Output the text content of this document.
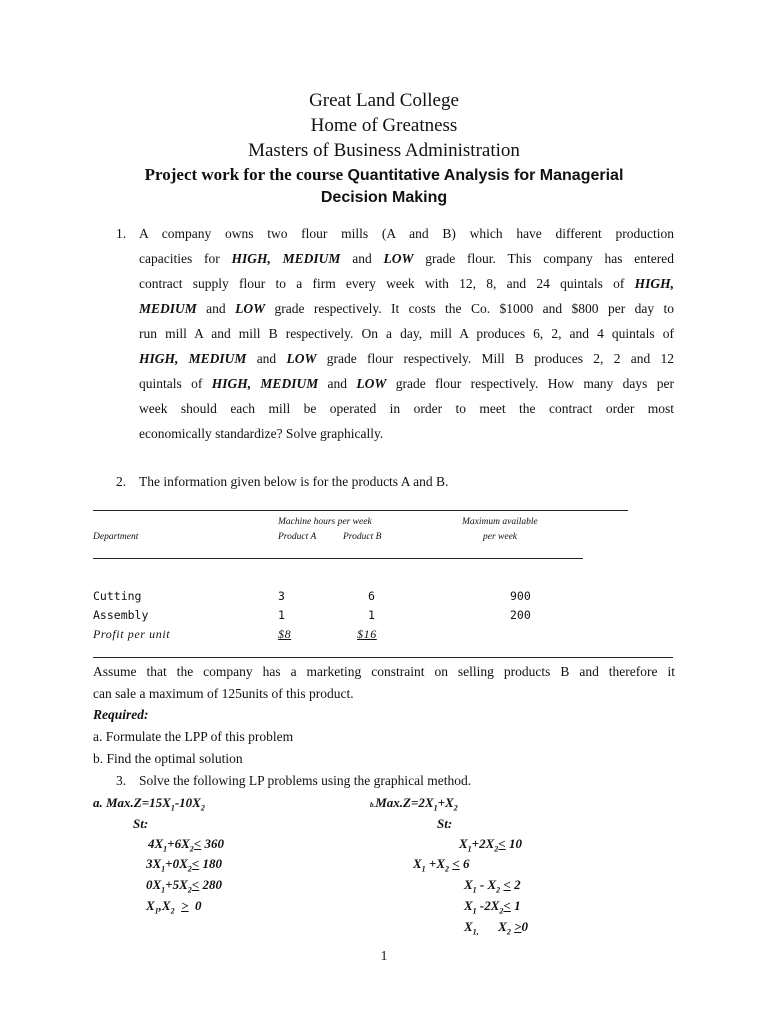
Great Land College
Home of Greatness
Masters of Business Administration
Project work for the course Quantitative Analysis for Managerial
Decision Making
1. A company owns two flour mills (A and B) which have different production
capacities for HIGH, MEDIUM and LOW grade flour. This company has entered
contract supply flour to a firm every week with 12, 8, and 24 quintals of HIGH,
MEDIUM and LOW grade respectively. It costs the Co. $1000 and $800 per day to
run mill A and mill B respectively. On a day, mill A produces 6, 2, and 4 quintals of
HIGH, MEDIUM and LOW grade flour respectively. Mill B produces 2, 2 and 12
quintals of HIGH, MEDIUM and LOW grade flour respectively. How many days per
week should each mill be operated in order to meet the contract order most
economically standardize? Solve graphically.
2. The information given below is for the products A and B.
Machine hours per week	Maximum available
Department	Product A	Product B	per week
Cutting	3	6	900
Assembly	1	1	200
Profit per unit	$8	$16
Assume that the company has a marketing constraint on selling products B and therefore it
can sale a maximum of 125units of this product.
Required:
a. Formulate the LPP of this problem
b. Find the optimal solution
3. Solve the following LP problems using the graphical method.
a. $Max.Z=15X_1-10X_2$
St:
$4X_1+6X_2< 360$
$3X_1+0X_2< 180$
$0X_1+5X_2< 280$
$X_1,X_2 > 0$
$b.Max.Z=2X_1+X_2$
St:
$X_1+2X_2< 10$
$X_1 +X_2 < 6$
$X_1 - X_2 < 2$
$X_1$ $-2X_2< 1$
$X_{1,}$ $X_2 >0$
1
